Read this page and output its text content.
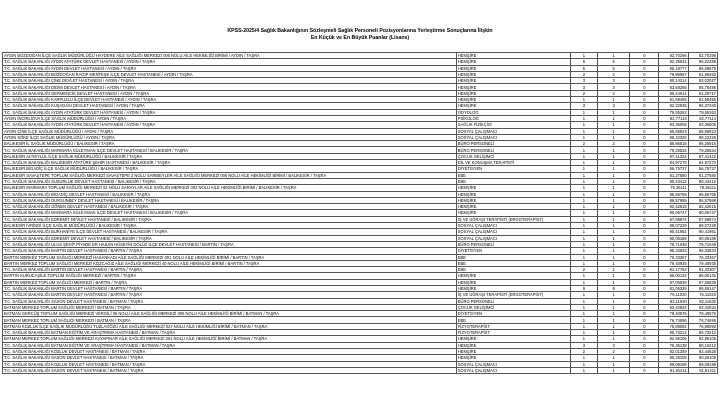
KPSS-2025/4 Sağlık Bakanlığının Sözleşmeli Sağlık Personeli Pozisyonlarına Yerleştirme Sonuçlarına İlişkin
En Küçük ve En Büyük Puanlar (Lisans)
AYDIN BOZDOĞAN İLÇE SAĞLIK MÜDÜRLÜĞÜ HAYDERE AİLE SAĞLIĞI MERKEZİ 006 NOLU AİLE HEKİMLİĞİ BİRİMİ / AYDIN / TAŞRA	HEMŞİRE	1	1	0	82,70296	82,70296
T.C. SAĞLIK BAKANLIĞI AYDIN ATATÜRK DEVLET HASTANESİ / AYDIN / TAŞRA	HEMŞİRE	5	5	0	82,25531	85,22386
T.C. SAĞLIK BAKANLIĞI AYDIN DEVLET HASTANESİ / AYDIN / TAŞRA	HEMŞİRE	5	5	0	85,18777	86,08578
T.C. SAĞLIK BAKANLIĞI BOZDOĞAN RAGIP MENTEŞE İLÇE DEVLET HASTANESİ / AYDIN / TAŞRA	HEMŞİRE	2	2	0	79,95557	81,99262
T.C. SAĞLIK BAKANLIĞI ÇİNE DEVLET HASTANESİ / AYDIN / TAŞRA	HEMŞİRE	3	3	0	80,14314	83,03027
T.C. SAĞLIK BAKANLIĞI DİDİM DEVLET HASTANESİ / AYDIN / TAŞRA	HEMŞİRE	3	3	0	83,68265	85,76495
T.C. SAĞLIK BAKANLIĞI GERMENCİK DEVLET HASTANESİ / AYDIN / TAŞRA	HEMŞİRE	2	2	0	80,44914	81,29717
T.C. SAĞLIK BAKANLIĞI KARPUZLU İLÇE DEVLET HASTANESİ / AYDIN / TAŞRA	HEMŞİRE	1	1	0	81,58455	81,58455
T.C. SAĞLIK BAKANLIĞI KUŞADASI DEVLET HASTANESİ / AYDIN / TAŞRA	HEMŞİRE	3	3	0	82,22935	86,37340
T.C. SAĞLIK BAKANLIĞI AYDIN ATATÜRK DEVLET HASTANESİ / AYDIN / TAŞRA	ODYOLOG	1	1	0	79,55263	79,55263
AYDIN İNCİRLİOVA İLÇE SAĞLIK MÜDÜRLÜĞÜ / AYDIN / TAŞRA	PSİKOLOG	1	1	0	82,77114	82,77114
T.C. SAĞLIK BAKANLIĞI AYDIN ATATÜRK DEVLET HASTANESİ / AYDIN / TAŞRA	SAĞLIK FİZİKÇİSİ	1	1	0	83,36005	83,36005
AYDIN ÇİNE İLÇE SAĞLIK MÜDÜRLÜĞÜ / AYDIN / TAŞRA	SOSYAL ÇALIŞMACI	1	1	0	85,65923	85,65923
AYDIN SÖKE İLÇE SAĞLIK MÜDÜRLÜĞÜ / AYDIN / TAŞRA	SOSYAL ÇALIŞMACI	1	1	0	88,22326	88,22326
BALIKESİR İL SAĞLIK MÜDÜRLÜĞÜ / BALIKESİR / TAŞRA	BÜRO PERSONELİ	2	2	0	85,86518	86,25915
T.C. SAĞLIK BAKANLIĞI MARMARA SÜLEYMAN İLÇE DEVLET HASTANESİ / BALIKESİR / TAŞRA	BÜRO PERSONELİ	1	1	0	79,25534	79,25534
BALIKESİR ALTIEYLÜL İLÇE SAĞLIK MÜDÜRLÜĞÜ / BALIKESİR / TAŞRA	ÇOCUK GELİŞİMCİ	1	1	0	87,41322	87,41322
T.C. SAĞLIK BAKANLIĞI BALIKESİR ATATÜRK ŞEHİR HASTANESİ / BALIKESİR / TAŞRA	DİL VE KONUŞMA TERAPİSTİ	1	1	0	84,97270	84,97270
BALIKESİR BİGADİÇ İLÇE SAĞLIK MÜDÜRLÜĞÜ / BALIKESİR / TAŞRA	DİYETİSYEN	1	1	0	56,75737	56,75737
BALIKESİR SAVAŞTEPE TOPLUM SAĞLIĞI MERKEZİ SAVAŞTEPE 2 NOLU SARIBEYLER AİLE SAĞLIĞI MERKEZİ 006 NOLU AİLE HEKİMLİĞİ BİRİMİ / BALIKESİR / TAŞRA	EBE	1	1	0	81,27580	81,27580
T.C. SAĞLIK BAKANLIĞI SUSURLUK DEVLET HASTANESİ / BALIKESİR / TAŞRA	EBE	1	1	0	80,43412	80,43412
BALIKESİR MARMARA TOPLUM SAĞLIĞI MERKEZİ 02 NOLU SARAYLAR AİLE SAĞLIĞI MERKEZİ 002 NOLU AİLE HEKİMLİĞİ BİRİMİ / BALIKESİR / TAŞRA	HEMŞİRE	1	1	0	79,36111	79,36111
T.C. SAĞLIK BAKANLIĞI BİGADİÇ DEVLET HASTANESİ / BALIKESİR / TAŞRA	HEMŞİRE	1	1	0	85,55765	85,55765
T.C. SAĞLIK BAKANLIĞI DURSUNBEY DEVLET HASTANESİ / BALIKESİR / TAŞRA	HEMŞİRE	1	1	0	86,57989	86,57989
T.C. SAĞLIK BAKANLIĞI GÖNEN DEVLET HASTANESİ / BALIKESİR / TAŞRA	HEMŞİRE	1	1	0	82,42615	82,42615
T.C. SAĞLIK BAKANLIĞI MARMARA SÜLEYMAN İLÇE DEVLET HASTANESİ / BALIKESİR / TAŞRA	HEMŞİRE	1	1	0	80,06747	80,06747
T.C. SAĞLIK BAKANLIĞI EDREMİT DEVLET HASTANESİ / BALIKESİR / TAŞRA	İŞ VE UĞRAŞI TERAPİSTİ (ERGOTERAPİST)	1	1	0	87,68874	87,68874
BALIKESİR İVRİNDİ İLÇE SAĞLIK MÜDÜRLÜĞÜ / BALIKESİR / TAŞRA	SOSYAL ÇALIŞMACI	1	1	0	88,07229	88,07229
T.C. SAĞLIK BAKANLIĞI BURHANİYE İLÇE DEVLET HASTANESİ / BALIKESİR / TAŞRA	SOSYAL ÇALIŞMACI	1	1	0	90,41951	90,41951
T.C. SAĞLIK BAKANLIĞI EDREMİT DEVLET HASTANESİ / BALIKESİR / TAŞRA	SOSYAL ÇALIŞMACI	1	1	0	90,06189	90,06189
T.C. SAĞLIK BAKANLIĞI ULUS ŞEHİT PİYADE ER HASAN HÜSEYİN DÖLÜZ İLÇE DEVLET HASTANESİ / BARTIN / TAŞRA	BÜRO PERSONELİ	1	1	0	79,71048	79,71048
T.C. SAĞLIK BAKANLIĞI BARTIN DEVLET HASTANESİ / BARTIN / TAŞRA	DİYETİSYEN	1	1	0	95,33833	95,33833
BARTIN MERKEZ TOPLUM SAĞLIĞI MERKEZİ HASANKADI AİLE SAĞLIĞI MERKEZİ 001 NOLU AİLE HEKİMLİĞİ BİRİMİ / BARTIN / TAŞRA	EBE	1	1	0	76,33367	76,33367
BARTIN MERKEZ TOPLUM SAĞLIĞI MERKEZİ KOZCAĞIZ AİLE SAĞLIĞI MERKEZİ 40 NOLU AİLE HEKİMLİĞİ BİRİMİ / BARTIN / TAŞRA	EBE	1	1	0	79,40935	79,40935
T.C. SAĞLIK BAKANLIĞI BARTIN DEVLET HASTANESİ / BARTIN / TAŞRA	EBE	2	2	0	81,17762	81,33307
BARTIN KURUCAŞİLE TOPLUM SAĞLIĞI MERKEZİ / BARTIN / TAŞRA	HEMŞİRE	1	1	0	86,00132	86,00132
BARTIN MERKEZ TOPLUM SAĞLIĞI MERKEZİ / BARTIN / TAŞRA	HEMŞİRE	1	1	0	87,05839	87,05839
T.C. SAĞLIK BAKANLIĞI BARTIN DEVLET HASTANESİ / BARTIN / TAŞRA	HEMŞİRE	9	9	0	81,05335	85,55147
T.C. SAĞLIK BAKANLIĞI BARTIN DEVLET HASTANESİ / BARTIN / TAŞRA	İŞ VE UĞRAŞI TERAPİSTİ (ERGOTERAPİST)	1	1	0	76,11020	76,11020
T.C. SAĞLIK BAKANLIĞI SASON DEVLET HASTANESİ / BATMAN / TAŞRA	BÜRO PERSONELİ	1	1	0	82,11630	82,11630
BATMAN MERKEZ TOPLUM SAĞLIĞI MERKEZİ / BATMAN / TAŞRA	ÇOCUK GELİŞİMCİ	1	1	0	83,42834	83,42834
BATMAN GERCÜŞ TOPLUM SAĞLIĞI MERKEZİ VERGİLİ 06 NOLU AİLE SAĞLIĞI MERKEZİ 006 NOLU AİLE HEKİMLİĞİ BİRİMİ / BATMAN / TAŞRA	DİYETİSYEN	1	1	0	78,40576	78,40576
BATMAN MERKEZ TOPLUM SAĞLIĞI MERKEZİ / BATMAN / TAŞRA	EBE	1	1	0	76,74696	76,74696
BATMAN KOZLUK İLÇE SAĞLIK MÜDÜRLÜĞÜ TUZLAGÖZÜ AİLE SAĞLIĞI MERKEZİ 027 NOLU AİLE HEKİMLİĞİ BİRİMİ / BATMAN / TAŞRA	FİZYOTERAPİST	1	1	0	76,89092	76,89092
T.C. SAĞLIK BAKANLIĞI BATMAN EĞİTİM VE ARAŞTIRMA HASTANESİ / BATMAN / TAŞRA	FİZYOTERAPİST	1	1	0	85,73212	85,73212
BATMAN MERKEZ TOPLUM SAĞLIĞI MERKEZİ KAYAPINAR AİLE SAĞLIĞI MERKEZİ 001 NOLU AİLE HEKİMLİĞİ BİRİMİ / BATMAN / TAŞRA	HEMŞİRE	1	1	0	82,95106	82,95106
T.C. SAĞLIK BAKANLIĞI BATMAN EĞİTİM VE ARAŞTIRMA HASTANESİ / BATMAN / TAŞRA	HEMŞİRE	3	3	0	76,35138	80,16212
T.C. SAĞLIK BAKANLIĞI KOZLUK DEVLET HASTANESİ / BATMAN / TAŞRA	HEMŞİRE	2	2	0	82,01349	83,44828
T.C. SAĞLIK BAKANLIĞI SASON DEVLET HASTANESİ / BATMAN / TAŞRA	HEMŞİRE	1	1	0	80,25105	80,25105
T.C. SAĞLIK BAKANLIĞI KOZLUK DEVLET HASTANESİ / BATMAN / TAŞRA	SOSYAL ÇALIŞMACI	1	1	0	89,09198	89,09198
T.C. SAĞLIK BAKANLIĞI SASON DEVLET HASTANESİ / BATMAN / TAŞRA	SOSYAL ÇALIŞMACI	1	1	0	91,81211	91,81211
